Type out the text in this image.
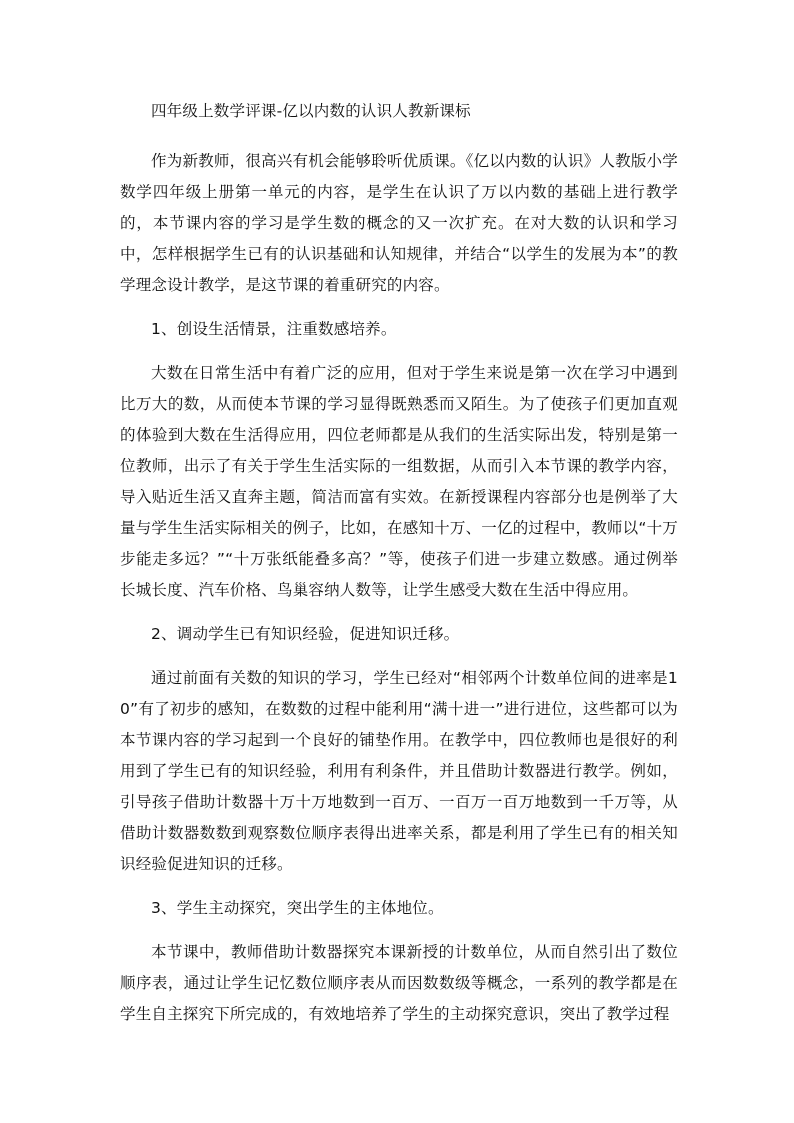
四年级上数学评课-亿以内数的认识人教新课标

作为新教师，很高兴有机会能够聆听优质课。《亿以内数的认识》人教版小学数学四年级上册第一单元的内容，是学生在认识了万以内数的基础上进行教学的，本节课内容的学习是学生数的概念的又一次扩充。在对大数的认识和学习中，怎样根据学生已有的认识基础和认知规律，并结合“以学生的发展为本”的教学理念设计教学，是这节课的着重研究的内容。

1、创设生活情景，注重数感培养。

大数在日常生活中有着广泛的应用，但对于学生来说是第一次在学习中遇到比万大的数，从而使本节课的学习显得既熟悉而又陌生。为了使孩子们更加直观的体验到大数在生活得应用，四位老师都是从我们的生活实际出发，特别是第一位教师，出示了有关于学生生活实际的一组数据，从而引入本节课的教学内容，导入贴近生活又直奔主题，简洁而富有实效。在新授课程内容部分也是例举了大量与学生生活实际相关的例子，比如，在感知十万、一亿的过程中，教师以“十万步能走多远？”“十万张纸能叠多高？”等，使孩子们进一步建立数感。通过例举长城长度、汽车价格、鸟巢容纳人数等，让学生感受大数在生活中得应用。

2、调动学生已有知识经验，促进知识迁移。

通过前面有关数的知识的学习，学生已经对“相邻两个计数单位间的进率是10”有了初步的感知，在数数的过程中能利用“满十进一”进行进位，这些都可以为本节课内容的学习起到一个良好的铺垫作用。在教学中，四位教师也是很好的利用到了学生已有的知识经验，利用有利条件，并且借助计数器进行教学。例如，引导孩子借助计数器十万十万地数到一百万、一百万一百万地数到一千万等，从借助计数器数数到观察数位顺序表得出进率关系，都是利用了学生已有的相关知识经验促进知识的迁移。

3、学生主动探究，突出学生的主体地位。

本节课中，教师借助计数器探究本课新授的计数单位，从而自然引出了数位顺序表，通过让学生记忆数位顺序表从而因数数级等概念，一系列的教学都是在学生自主探究下所完成的，有效地培养了学生的主动探究意识，突出了教学过程
